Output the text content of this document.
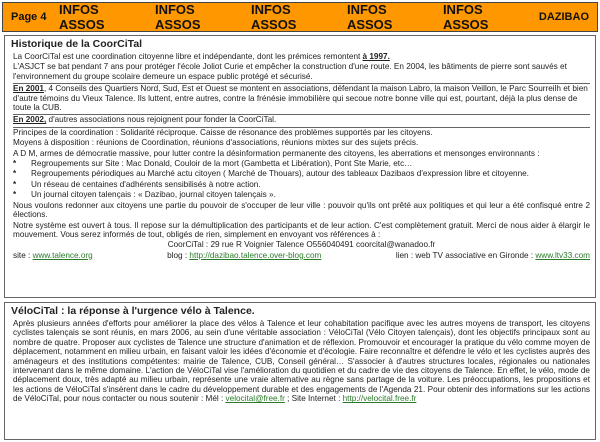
Page 4 INFOS ASSOS
INFOS ASSOS
INFOS ASSOS
INFOS ASSOS
INFOS ASSOS	DAZIBAO
Historique de la CoorCiTal

La CoorCiTal est une coordination citoyenne libre et indépendante, dont les prémices remontent à 1997.

L'ASJCT se bat pendant 7 ans pour protéger l'école Joliot Curie et empêcher la construction d'une route. En 2004, les bâtiments de pierre sont sauvés et l'environnement du groupe scolaire demeure un espace public protégé et sécurisé.

En 2001, 4 Conseils des Quartiers Nord, Sud, Est et Ouest se montent en associations, défendant la maison Labro, la maison Veillon, le Parc Sourreilh et bien d'autre témoins du Vieux Talence. Ils luttent, entre autres, contre la frénésie immobilière qui secoue notre bonne ville qui est, pourtant, déjà la plus dense de toute la CUB.

En 2002, d'autres associations nous rejoignent pour fonder la CoorCiTal.

Principes de la coordination : Solidarité réciproque. Caisse de résonance des problèmes supportés par les citoyens.

Moyens à disposition : réunions de Coordination, réunions d'associations, réunions mixtes sur des sujets précis.

A D M, armes de démocratie massive, pour lutter contre la désinformation permanente des citoyens, les aberrations et mensonges environnants :

*	Regroupements sur Site : Mac Donald, Couloir de la mort (Gambetta et Libération), Pont Ste Marie, etc…
*	Regroupements périodiques au Marché actu citoyen ( Marché de Thouars), autour des tableaux Dazibaos d'expression libre et citoyenne.
*	Un réseau de centaines d'adhérents sensibilisés à notre action.
*	Un journal citoyen talençais : « Dazibao, journal citoyen talençais ».

Nous voulons redonner aux citoyens une partie du pouvoir de s'occuper de leur ville : pouvoir qu'ils ont prêté aux politiques et qui leur a été confisqué entre 2 élections.

Notre système est ouvert à tous. Il repose sur la démultiplication des participants et de leur action. C'est complètement gratuit. Merci de nous aider à élargir le mouvement. Vous serez informés de tout, obligés de rien, simplement en envoyant vos références à :

CoorCiTal : 29 rue R Voignier Talence O556040491 coorcital@wanadoo.fr

site : www.talence.org	blog : http://dazibao.talence.over-blog.com	lien : web TV associative en Gironde : www.ltv33.com
VéloCiTal : la réponse à l'urgence vélo à Talence.
Après plusieurs années d'efforts pour améliorer la place des vélos à Talence et leur cohabitation pacifique avec les autres moyens de transport, les citoyens cyclistes talençais se sont réunis, en mars 2006, au sein d'une véritable association : VéloCiTal (Vélo Citoyen talençais), dont les objectifs principaux sont au nombre de quatre. Proposer aux cyclistes de Talence une structure d'animation et de réflexion. Promouvoir et encourager la pratique du vélo comme moyen de déplacement, notamment en milieu urbain, en faisant valoir les idées d'économie et d'écologie. Faire reconnaître et défendre le vélo et les cyclistes auprès des aménageurs et des institutions compétentes: mairie de Talence, CUB, Conseil général… S'associer à d'autres structures locales, régionales ou nationales intervenant dans le même domaine. L'action de VéloCiTal vise l'amélioration du quotidien et du cadre de vie des citoyens de Talence. En effet, le vélo, mode de déplacement doux, très adapté au milieu urbain, représente une vraie alternative au règne sans partage de la voiture. Les préoccupations, les propositions et les actions de VéloCiTal s'insèrent dans le cadre du développement durable et des engagements de l'Agenda 21. Pour obtenir des informations sur les actions de VéloCiTal, pour nous contacter ou nous soutenir : Mél : velocital@free.fr ; Site Internet : http://velocital.free.fr
